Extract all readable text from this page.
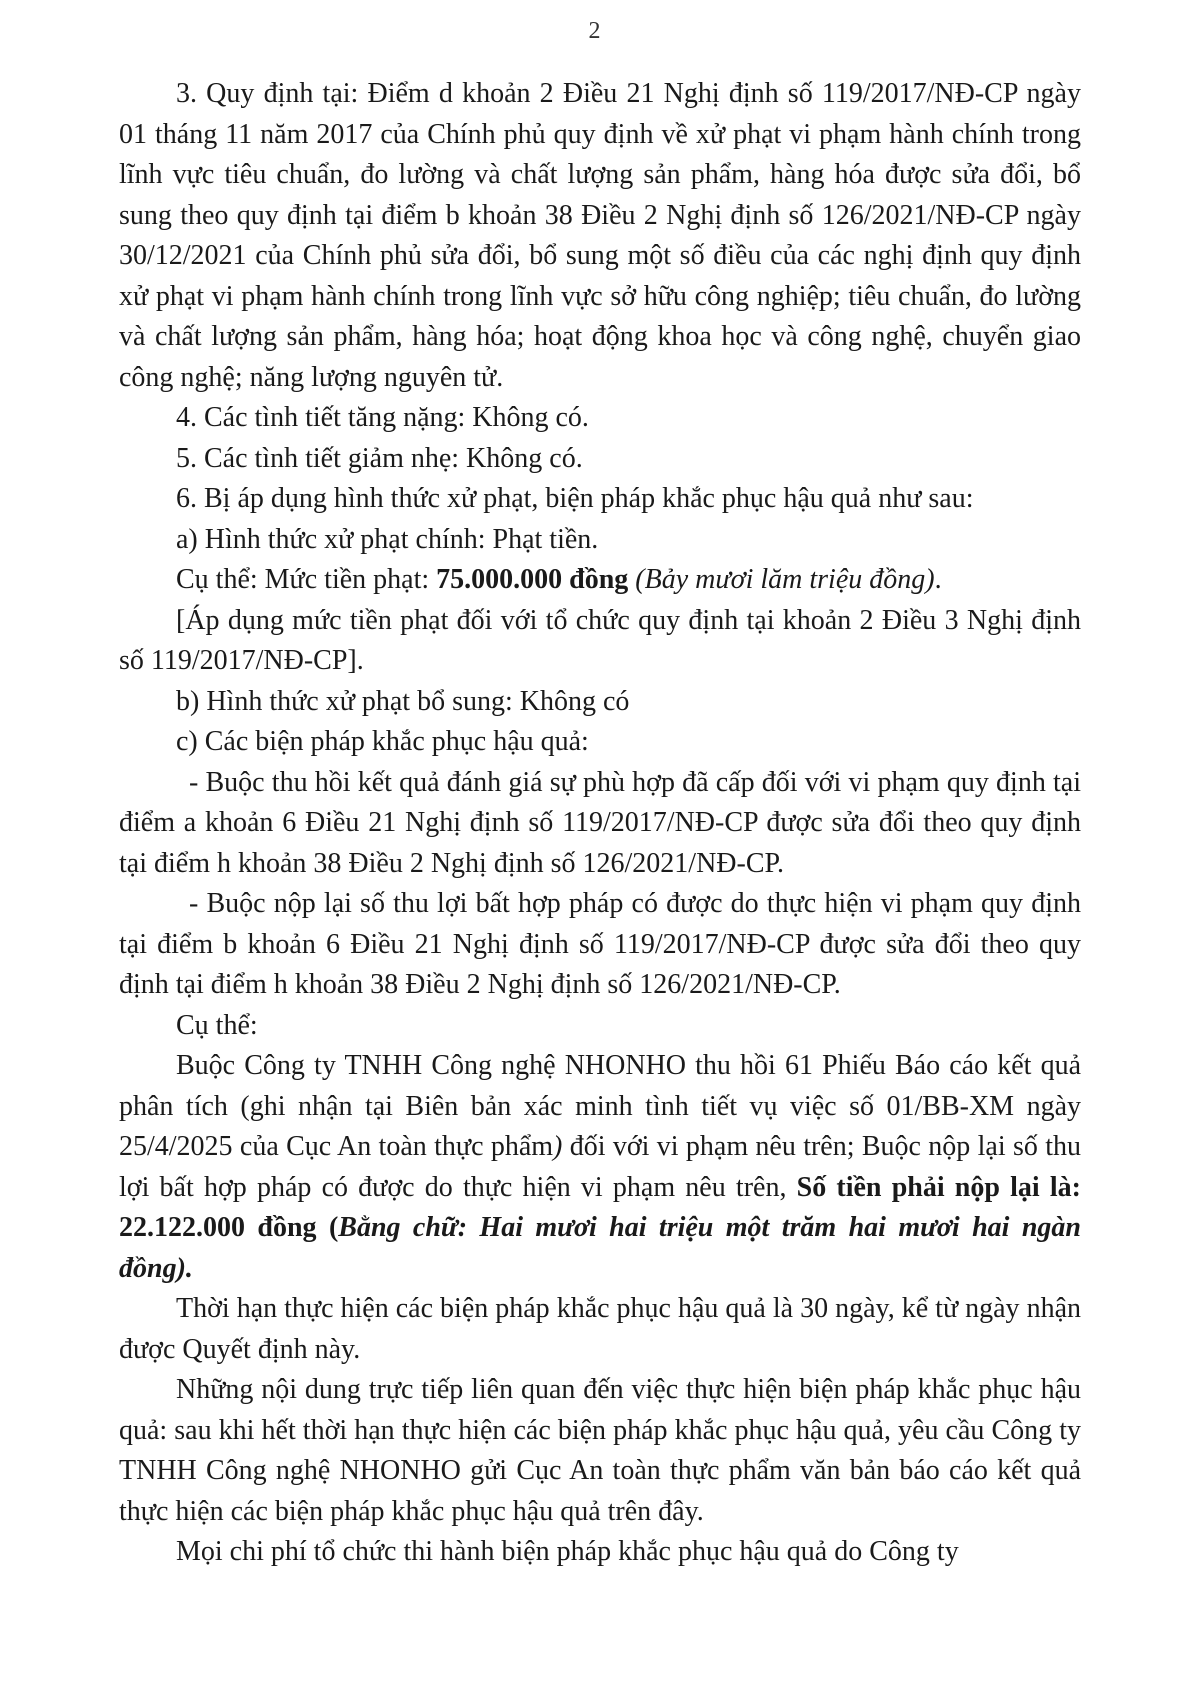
2

3. Quy định tại: Điểm d khoản 2 Điều 21 Nghị định số 119/2017/NĐ-CP ngày 01 tháng 11 năm 2017 của Chính phủ quy định về xử phạt vi phạm hành chính trong lĩnh vực tiêu chuẩn, đo lường và chất lượng sản phẩm, hàng hóa được sửa đổi, bổ sung theo quy định tại điểm b khoản 38 Điều 2 Nghị định số 126/2021/NĐ-CP ngày 30/12/2021 của Chính phủ sửa đổi, bổ sung một số điều của các nghị định quy định xử phạt vi phạm hành chính trong lĩnh vực sở hữu công nghiệp; tiêu chuẩn, đo lường và chất lượng sản phẩm, hàng hóa; hoạt động khoa học và công nghệ, chuyển giao công nghệ; năng lượng nguyên tử.

4. Các tình tiết tăng nặng: Không có.

5. Các tình tiết giảm nhẹ: Không có.

6. Bị áp dụng hình thức xử phạt, biện pháp khắc phục hậu quả như sau:

a) Hình thức xử phạt chính: Phạt tiền.

Cụ thể: Mức tiền phạt: 75.000.000 đồng (Bảy mươi lăm triệu đồng).

[Áp dụng mức tiền phạt đối với tổ chức quy định tại khoản 2 Điều 3 Nghị định số 119/2017/NĐ-CP].

b) Hình thức xử phạt bổ sung: Không có

c) Các biện pháp khắc phục hậu quả:

- Buộc thu hồi kết quả đánh giá sự phù hợp đã cấp đối với vi phạm quy định tại điểm a khoản 6 Điều 21 Nghị định số 119/2017/NĐ-CP được sửa đổi theo quy định tại điểm h khoản 38 Điều 2 Nghị định số 126/2021/NĐ-CP.

- Buộc nộp lại số thu lợi bất hợp pháp có được do thực hiện vi phạm quy định tại điểm b khoản 6 Điều 21 Nghị định số 119/2017/NĐ-CP được sửa đổi theo quy định tại điểm h khoản 38 Điều 2 Nghị định số 126/2021/NĐ-CP.

Cụ thể:

Buộc Công ty TNHH Công nghệ NHONHO thu hồi 61 Phiếu Báo cáo kết quả phân tích (ghi nhận tại Biên bản xác minh tình tiết vụ việc số 01/BB-XM ngày 25/4/2025 của Cục An toàn thực phẩm) đối với vi phạm nêu trên; Buộc nộp lại số thu lợi bất hợp pháp có được do thực hiện vi phạm nêu trên, Số tiền phải nộp lại là: 22.122.000 đồng (Bằng chữ: Hai mươi hai triệu một trăm hai mươi hai ngàn đồng).

Thời hạn thực hiện các biện pháp khắc phục hậu quả là 30 ngày, kể từ ngày nhận được Quyết định này.

Những nội dung trực tiếp liên quan đến việc thực hiện biện pháp khắc phục hậu quả: sau khi hết thời hạn thực hiện các biện pháp khắc phục hậu quả, yêu cầu Công ty TNHH Công nghệ NHONHO gửi Cục An toàn thực phẩm văn bản báo cáo kết quả thực hiện các biện pháp khắc phục hậu quả trên đây.

Mọi chi phí tổ chức thi hành biện pháp khắc phục hậu quả do Công ty
